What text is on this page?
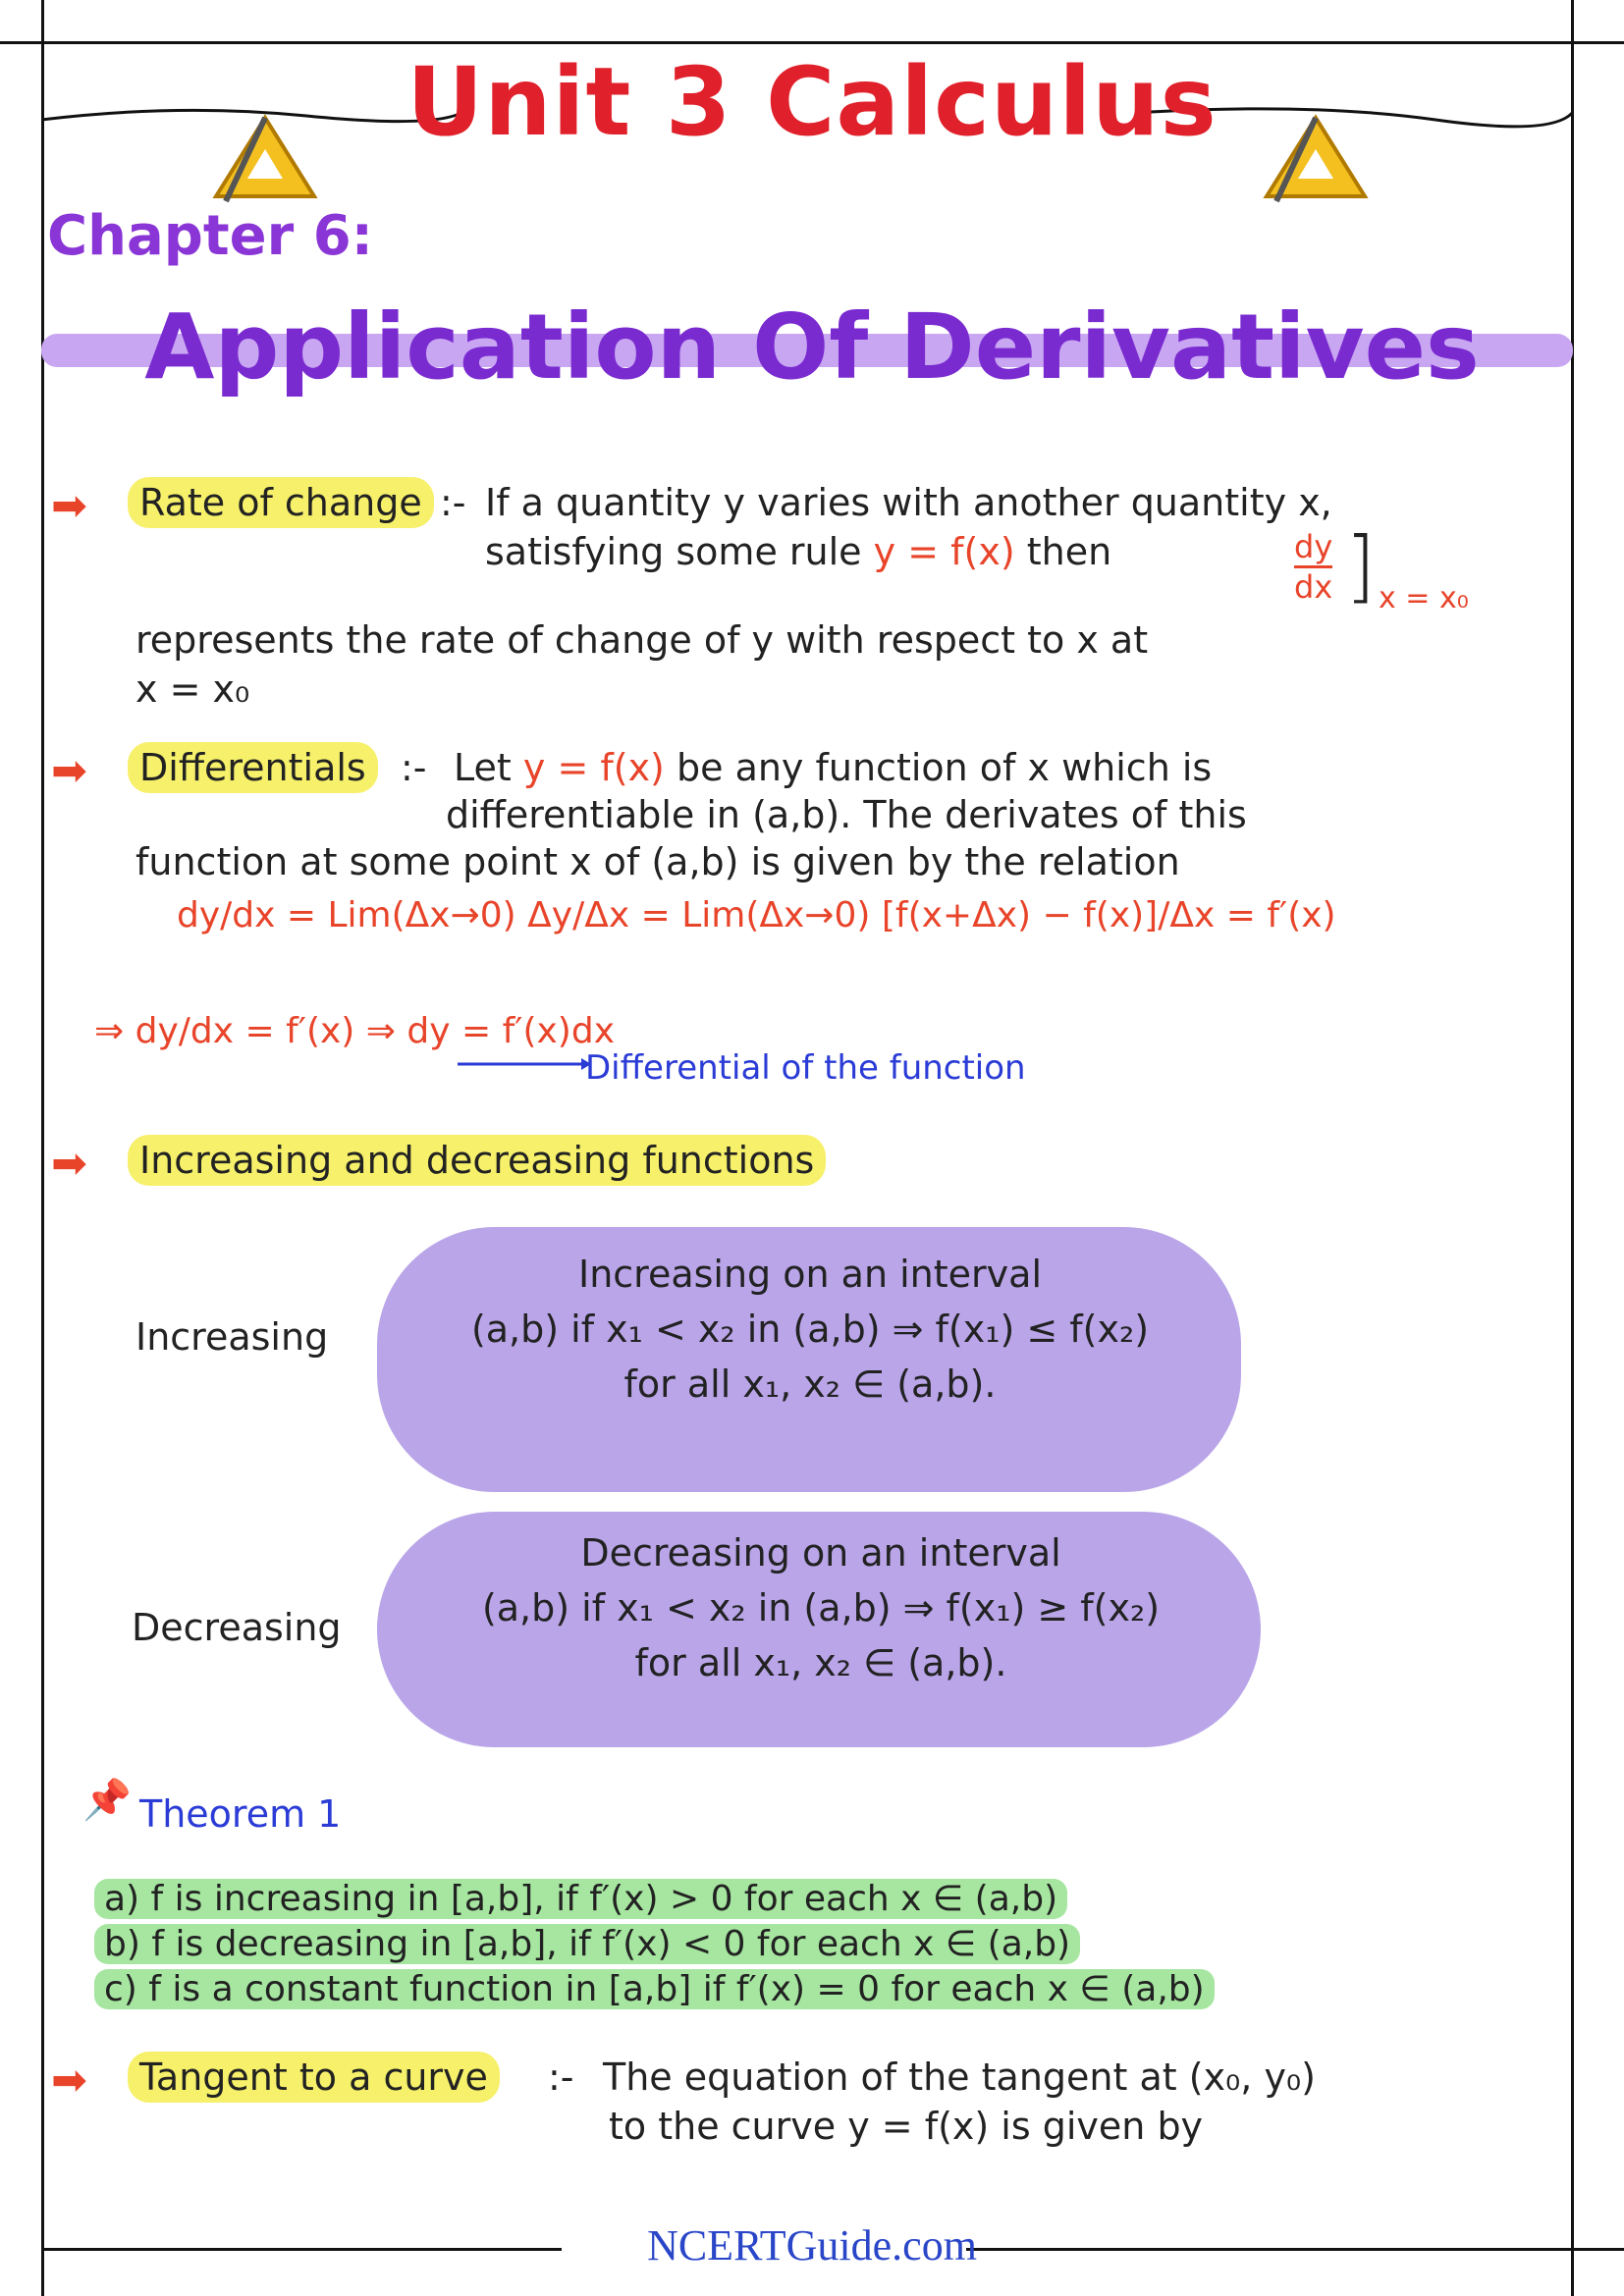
Unit 3 Calculus
Chapter 6:
Application Of Derivatives
➡	Rate of change :- If a quantity y varies with another quantity x,
satisfying some rule y = f(x) then	dy
dx ] x = x₀
represents the rate of change of y with respect to x at
x = x₀
➡	Differentials :- Let y = f(x) be any function of x which is
differentiable in (a,b). The derivates of this
function at some point x of (a,b) is given by the relation
dy/dx = Lim(Δx→0) Δy/Δx = Lim(Δx→0) [f(x+Δx) − f(x)]/Δx = f′(x)
⇒ dy/dx = f′(x) ⇒ dy = f′(x)dx
Differential of the function
➡	Increasing and decreasing functions
Increasing
Increasing on an interval
(a,b) if x₁ < x₂ in (a,b) ⇒ f(x₁) ≤ f(x₂)
for all x₁, x₂ ∈ (a,b).
Decreasing
Decreasing on an interval
(a,b) if x₁ < x₂ in (a,b) ⇒ f(x₁) ≥ f(x₂)
for all x₁, x₂ ∈ (a,b).
📌 Theorem 1
a) f is increasing in [a,b], if f′(x) > 0 for each x ∈ (a,b)
b) f is decreasing in [a,b], if f′(x) < 0 for each x ∈ (a,b)
c) f is a constant function in [a,b] if f′(x) = 0 for each x ∈ (a,b)
➡	Tangent to a curve	:- The equation of the tangent at (x₀, y₀)
to the curve y = f(x) is given by
NCERTGuide.com
